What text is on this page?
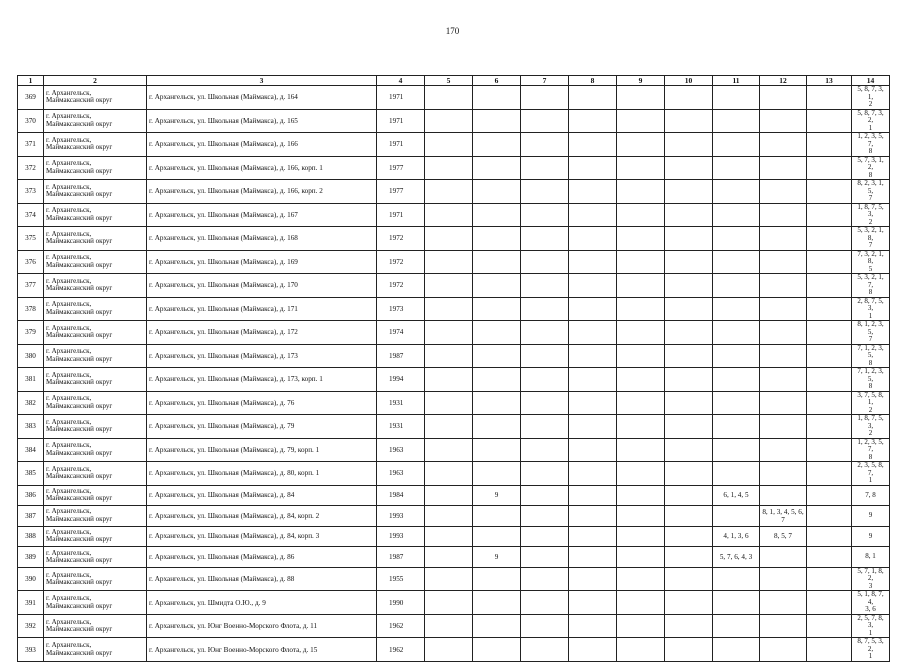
170
1	2	3	4	5	6	7	8	9	10	11	12	13	14
369	г. Архангельск,
Маймаксанский округ	г. Архангельск, ул. Школьная (Маймакса), д. 164	1971										5, 8, 7, 3, 1,
2

370	г. Архангельск,
Маймаксанский округ	г. Архангельск, ул. Школьная (Маймакса), д. 165	1971										5, 8, 7, 3, 2,
1

371	г. Архангельск,
Маймаксанский округ	г. Архангельск, ул. Школьная (Маймакса), д. 166	1971										1, 2, 3, 5, 7,
8

372	г. Архангельск,
Маймаксанский округ	г. Архангельск, ул. Школьная (Маймакса), д. 166, корп. 1	1977										5, 7, 3, 1, 2,
8

373	г. Архангельск,
Маймаксанский округ	г. Архангельск, ул. Школьная (Маймакса), д. 166, корп. 2	1977										8, 2, 3, 1, 5,
7

374	г. Архангельск,
Маймаксанский округ	г. Архангельск, ул. Школьная (Маймакса), д. 167	1971										1, 8, 7, 5, 3,
2

375	г. Архангельск,
Маймаксанский округ	г. Архангельск, ул. Школьная (Маймакса), д. 168	1972										5, 3, 2, 1, 8,
7

376	г. Архангельск,
Маймаксанский округ	г. Архангельск, ул. Школьная (Маймакса), д. 169	1972										7, 3, 2, 1, 8,
5

377	г. Архангельск,
Маймаксанский округ	г. Архангельск, ул. Школьная (Маймакса), д. 170	1972										5, 3, 2, 1, 7,
8

378	г. Архангельск,
Маймаксанский округ	г. Архангельск, ул. Школьная (Маймакса), д. 171	1973										2, 8, 7, 5, 3,
1

379	г. Архангельск,
Маймаксанский округ	г. Архангельск, ул. Школьная (Маймакса), д. 172	1974										8, 1, 2, 3, 5,
7

380	г. Архангельск,
Маймаксанский округ	г. Архангельск, ул. Школьная (Маймакса), д. 173	1987										7, 1, 2, 3, 5,
8

381	г. Архангельск,
Маймаксанский округ	г. Архангельск, ул. Школьная (Маймакса), д. 173, корп. 1	1994										7, 1, 2, 3, 5,
8

382	г. Архангельск,
Маймаксанский округ	г. Архангельск, ул. Школьная (Маймакса), д. 76	1931										3, 7, 5, 8, 1,
2

383	г. Архангельск,
Маймаксанский округ	г. Архангельск, ул. Школьная (Маймакса), д. 79	1931										1, 8, 7, 5, 3,
2

384	г. Архангельск,
Маймаксанский округ	г. Архангельск, ул. Школьная (Маймакса), д. 79, корп. 1	1963										1, 2, 3, 5, 7,
8

385	г. Архангельск,
Маймаксанский округ	г. Архангельск, ул. Школьная (Маймакса), д. 80, корп. 1	1963										2, 3, 5, 8, 7,
1

386	г. Архангельск,
Маймаксанский округ	г. Архангельск, ул. Школьная (Маймакса), д. 84	1984		9					6, 1, 4, 5			7, 8

387	г. Архангельск,
Маймаксанский округ	г. Архангельск, ул. Школьная (Маймакса), д. 84, корп. 2	1993								8, 1, 3, 4, 5, 6, 7		9

388	г. Архангельск,
Маймаксанский округ	г. Архангельск, ул. Школьная (Маймакса), д. 84, корп. 3	1993							4, 1, 3, 6	8, 5, 7		9

389	г. Архангельск,
Маймаксанский округ	г. Архангельск, ул. Школьная (Маймакса), д. 86	1987		9					5, 7, 6, 4, 3			8, 1

390	г. Архангельск,
Маймаксанский округ	г. Архангельск, ул. Школьная (Маймакса), д. 88	1955										5, 7, 1, 8, 2,
3

391	г. Архангельск,
Маймаксанский округ	г. Архангельск, ул. Шмидта О.Ю., д. 9	1990										5, 1, 8, 7, 4,
3, 6

392	г. Архангельск,
Маймаксанский округ	г. Архангельск, ул. Юнг Военно-Морского Флота, д. 11	1962										2, 5, 7, 8, 3,
1

393	г. Архангельск,
Маймаксанский округ	г. Архангельск, ул. Юнг Военно-Морского Флота, д. 15	1962										8, 7, 5, 3, 2,
1
